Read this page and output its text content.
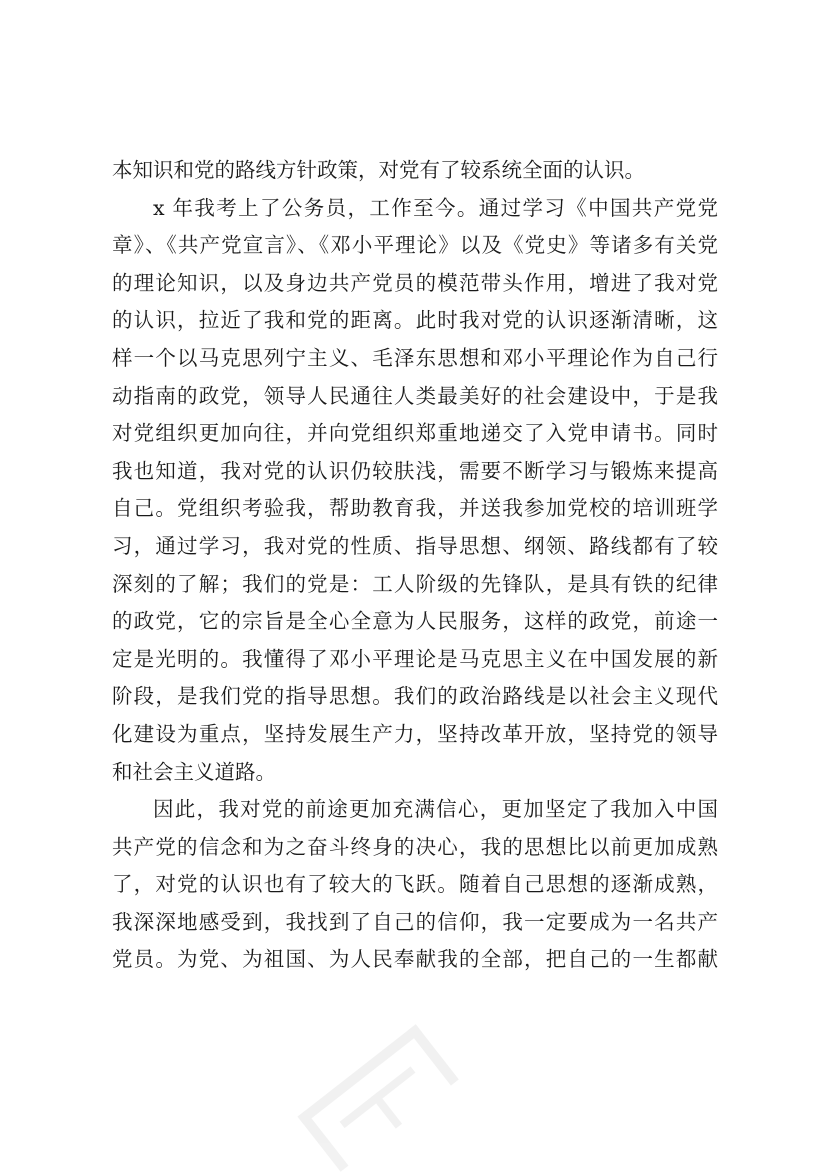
本知识和党的路线方针政策，对党有了较系统全面的认识。
x 年我考上了公务员，工作至今。通过学习《中国共产党党
章》、《共产党宣言》、《邓小平理论》以及《党史》等诸多有关党
的理论知识，以及身边共产党员的模范带头作用，增进了我对党
的认识，拉近了我和党的距离。此时我对党的认识逐渐清晰，这
样一个以马克思列宁主义、毛泽东思想和邓小平理论作为自己行
动指南的政党，领导人民通往人类最美好的社会建设中，于是我
对党组织更加向往，并向党组织郑重地递交了入党申请书。同时
我也知道，我对党的认识仍较肤浅，需要不断学习与锻炼来提高
自己。党组织考验我，帮助教育我，并送我参加党校的培训班学
习，通过学习，我对党的性质、指导思想、纲领、路线都有了较
深刻的了解；我们的党是：工人阶级的先锋队，是具有铁的纪律
的政党，它的宗旨是全心全意为人民服务，这样的政党，前途一
定是光明的。我懂得了邓小平理论是马克思主义在中国发展的新
阶段，是我们党的指导思想。我们的政治路线是以社会主义现代
化建设为重点，坚持发展生产力，坚持改革开放，坚持党的领导
和社会主义道路。
因此，我对党的前途更加充满信心，更加坚定了我加入中国
共产党的信念和为之奋斗终身的决心，我的思想比以前更加成熟
了，对党的认识也有了较大的飞跃。随着自己思想的逐渐成熟，
我深深地感受到，我找到了自己的信仰，我一定要成为一名共产
党员。为党、为祖国、为人民奉献我的全部，把自己的一生都献
